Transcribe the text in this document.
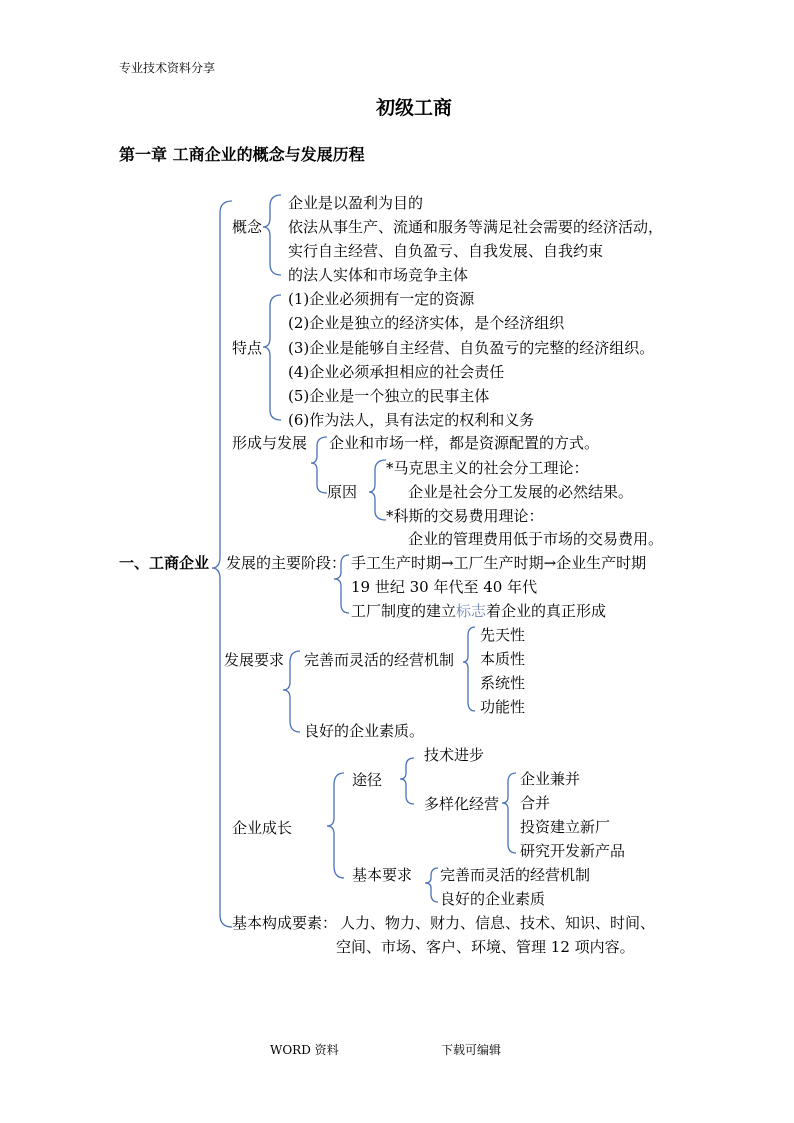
专业技术资料分享
初级工商
第一章 工商企业的概念与发展历程
一、工商企业
概念
企业是以盈利为目的
依法从事生产、流通和服务等满足社会需要的经济活动，
实行自主经营、自负盈亏、自我发展、自我约束
的法人实体和市场竞争主体
特点
(1)企业必须拥有一定的资源
(2)企业是独立的经济实体，是个经济组织
(3)企业是能够自主经营、自负盈亏的完整的经济组织。
(4)企业必须承担相应的社会责任
(5)企业是一个独立的民事主体
(6)作为法人，具有法定的权利和义务
形成与发展 企业和市场一样，都是资源配置的方式。
原因
*马克思主义的社会分工理论：
企业是社会分工发展的必然结果。
*科斯的交易费用理论：
企业的管理费用低于市场的交易费用。
发展的主要阶段： 手工生产时期→工厂生产时期→企业生产时期
19 世纪 30 年代至 40 年代
工厂制度的建立标志着企业的真正形成
发展要求 完善而灵活的经营机制
先天性
本质性
系统性
功能性
良好的企业素质。
企业成长
途径
技术进步
多样化经营
企业兼并
合并
投资建立新厂
研究开发新产品
基本要求 完善而灵活的经营机制
良好的企业素质
基本构成要素： 人力、物力、财力、信息、技术、知识、时间、
空间、市场、客户、环境、管理 12 项内容。
WORD 资料	下载可编辑
